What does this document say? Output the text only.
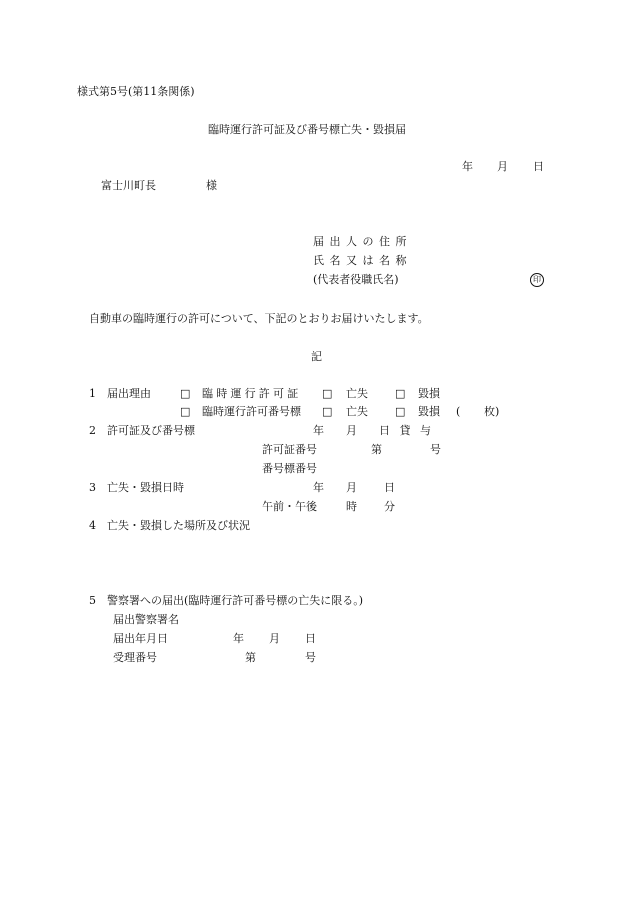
様式第5号(第11条関係)
臨時運行許可証及び番号標亡失・毀損届
年 月 日
富士川町長	様
届出人の住所
氏名又は名称
(代表者役職氏名)	印
自動車の臨時運行の許可について、下記のとおりお届けいたします。
記
1 届出理由	□ 臨時運行許可証 □ 亡失 □ 毀損
□ 臨時運行許可番号標 □ 亡失 □ 毀損 ( 枚)
2 許可証及び番号標	年 月 日 貸 与
許可証番号	第	号
番号標番号
3 亡失・毀損日時	年 月 日
午前・午後	時 分
4 亡失・毀損した場所及び状況
5 警察署への届出(臨時運行許可番号標の亡失に限る。)
届出警察署名
届出年月日	年 月 日
受理番号	第	号
